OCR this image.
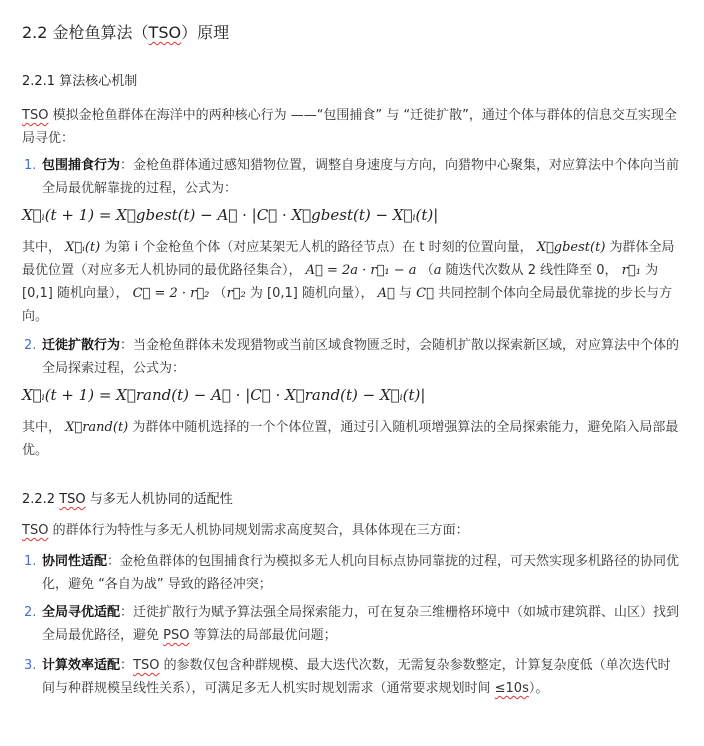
2.2 金枪鱼算法（TSO）原理
2.2.1 算法核心机制
TSO 模拟金枪鱼群体在海洋中的两种核心行为 ——“包围捕食” 与 “迁徙扩散”，通过个体与群体的信息交互实现全局寻优：
1. 包围捕食行为：金枪鱼群体通过感知猎物位置，调整自身速度与方向，向猎物中心聚集，对应算法中个体向当前全局最优解靠拢的过程，公式为：
X⃗ᵢ(t + 1) = X⃗gbest(t) − A⃗ · |C⃗ · X⃗gbest(t) − X⃗ᵢ(t)|
其中， X⃗ᵢ(t) 为第 i 个金枪鱼个体（对应某架无人机的路径节点）在 t 时刻的位置向量， X⃗gbest(t) 为群体全局最优位置（对应多无人机协同的最优路径集合）， A⃗ = 2a · r⃗₁ − a （a 随迭代次数从 2 线性降至 0， r⃗₁ 为 [0,1] 随机向量）， C⃗ = 2 · r⃗₂ （r⃗₂ 为 [0,1] 随机向量）， A⃗ 与 C⃗ 共同控制个体向全局最优靠拢的步长与方向。
2. 迁徙扩散行为：当金枪鱼群体未发现猎物或当前区域食物匮乏时，会随机扩散以探索新区域，对应算法中个体的全局探索过程，公式为：
X⃗ᵢ(t + 1) = X⃗rand(t) − A⃗ · |C⃗ · X⃗rand(t) − X⃗ᵢ(t)|
其中， X⃗rand(t) 为群体中随机选择的一个个体位置，通过引入随机项增强算法的全局探索能力，避免陷入局部最优。
2.2.2 TSO 与多无人机协同的适配性
TSO 的群体行为特性与多无人机协同规划需求高度契合，具体体现在三方面：
1. 协同性适配：金枪鱼群体的包围捕食行为模拟多无人机向目标点协同靠拢的过程，可天然实现多机路径的协同优化，避免 “各自为战” 导致的路径冲突；
2. 全局寻优适配：迁徙扩散行为赋予算法强全局探索能力，可在复杂三维栅格环境中（如城市建筑群、山区）找到全局最优路径，避免 PSO 等算法的局部最优问题；
3. 计算效率适配：TSO 的参数仅包含种群规模、最大迭代次数，无需复杂参数整定，计算复杂度低（单次迭代时间与种群规模呈线性关系），可满足多无人机实时规划需求（通常要求规划时间 ≤10s）。
